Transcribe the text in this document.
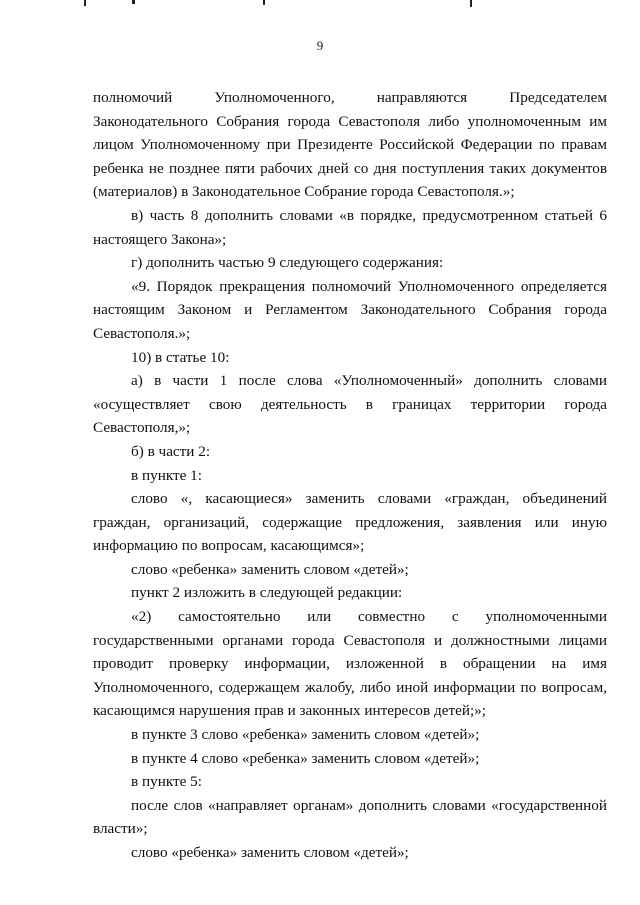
9

полномочий Уполномоченного, направляются Председателем Законодательного Собрания города Севастополя либо уполномоченным им лицом Уполномоченному при Президенте Российской Федерации по правам ребенка не позднее пяти рабочих дней со дня поступления таких документов (материалов) в Законодательное Собрание города Севастополя.»;

в) часть 8 дополнить словами «в порядке, предусмотренном статьей 6 настоящего Закона»;

г) дополнить частью 9 следующего содержания:

«9. Порядок прекращения полномочий Уполномоченного определяется настоящим Законом и Регламентом Законодательного Собрания города Севастополя.»;

10) в статье 10:

а) в части 1 после слова «Уполномоченный» дополнить словами «осуществляет свою деятельность в границах территории города Севастополя,»;

б) в части 2:

в пункте 1:

слово «, касающиеся» заменить словами «граждан, объединений граждан, организаций, содержащие предложения, заявления или иную информацию по вопросам, касающимся»;

слово «ребенка» заменить словом «детей»;

пункт 2 изложить в следующей редакции:

«2) самостоятельно или совместно с уполномоченными государственными органами города Севастополя и должностными лицами проводит проверку информации, изложенной в обращении на имя Уполномоченного, содержащем жалобу, либо иной информации по вопросам, касающимся нарушения прав и законных интересов детей;»;

в пункте 3 слово «ребенка» заменить словом «детей»;

в пункте 4 слово «ребенка» заменить словом «детей»;

в пункте 5:

после слов «направляет органам» дополнить словами «государственной власти»;

слово «ребенка» заменить словом «детей»;
